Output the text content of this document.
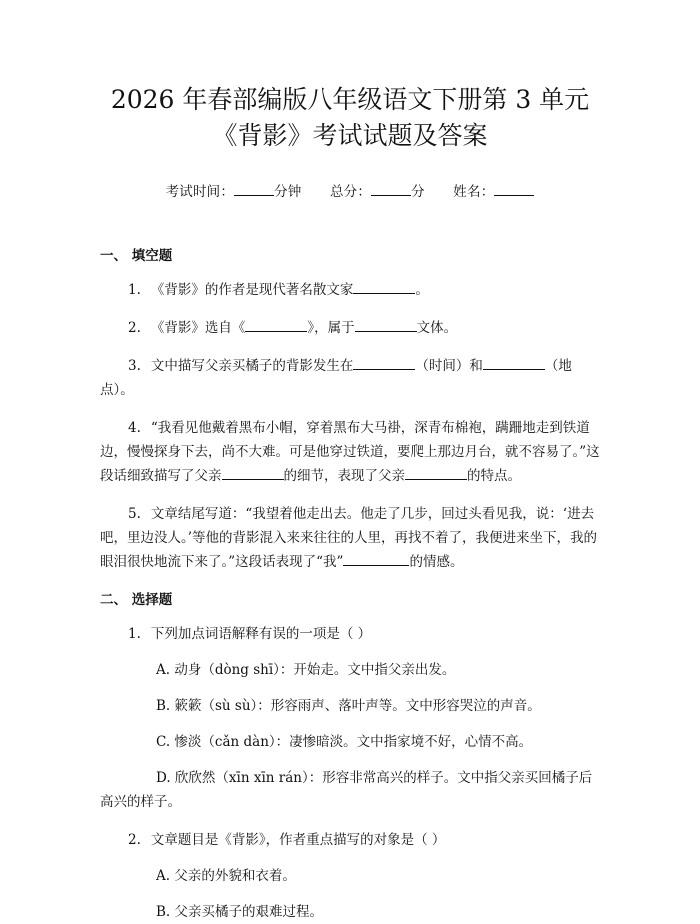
2026 年春部编版八年级语文下册第 3 单元
《背影》考试试题及答案
考试时间：	分钟 总分：	分 姓名：

一、 填空题

1. 《背影》的作者是现代著名散文家	。

2. 《背影》选自《	》，属于	文体。

3. 文中描写父亲买橘子的背影发生在	（时间）和	（地点）。

4. “我看见他戴着黑布小帽，穿着黑布大马褂，深青布棉袍，蹒跚地走到铁道边，慢慢探身下去，尚不大难。可是他穿过铁道，要爬上那边月台，就不容易了。”这段话细致描写了父亲	的细节，表现了父亲	的特点。

5. 文章结尾写道：“我望着他走出去。他走了几步，回过头看见我，说：‘进去吧，里边没人。’等他的背影混入来来往往的人里，再找不着了，我便进来坐下，我的眼泪很快地流下来了。”这段话表现了“我”	的情感。

二、 选择题

1. 下列加点词语解释有误的一项是（ ）

A. 动身（dòng shī）：开始走。文中指父亲出发。

B. 簌簌（sù sù）：形容雨声、落叶声等。文中形容哭泣的声音。

C. 惨淡（cǎn dàn）：凄惨暗淡。文中指家境不好，心情不高。

D. 欣欣然（xīn xīn rán）：形容非常高兴的样子。文中指父亲买回橘子后高兴的样子。

2. 文章题目是《背影》，作者重点描写的对象是（ ）

A. 父亲的外貌和衣着。

B. 父亲买橘子的艰难过程。
